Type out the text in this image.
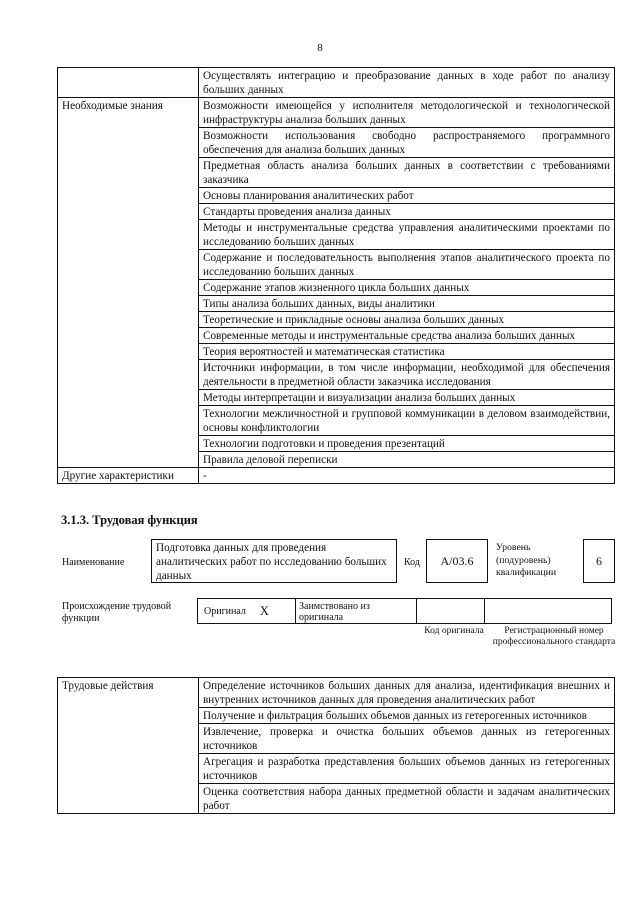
8
	Осуществлять интеграцию и преобразование данных в ходе работ по анализу больших данных
Необходимые знания	Возможности имеющейся у исполнителя методологической и технологической инфраструктуры анализа больших данных
	Возможности использования свободно распространяемого программного обеспечения для анализа больших данных
	Предметная область анализа больших данных в соответствии с требованиями заказчика
	Основы планирования аналитических работ
	Стандарты проведения анализа данных
	Методы и инструментальные средства управления аналитическими проектами по исследованию больших данных
	Содержание и последовательность выполнения этапов аналитического проекта по исследованию больших данных
	Содержание этапов жизненного цикла больших данных
	Типы анализа больших данных, виды аналитики
	Теоретические и прикладные основы анализа больших данных
	Современные методы и инструментальные средства анализа больших данных
	Теория вероятностей и математическая статистика
	Источники информации, в том числе информации, необходимой для обеспечения деятельности в предметной области заказчика исследования
	Методы интерпретации и визуализации анализа больших данных
	Технологии межличностной и групповой коммуникации в деловом взаимодействии, основы конфликтологии
	Технологии подготовки и проведения презентаций
	Правила деловой переписки
Другие характеристики	-
3.1.3. Трудовая функция
Наименование
Подготовка данных для проведения аналитических работ по исследованию больших данных
Код	A/03.6
Уровень (подуровень) квалификации
6
Происхождение трудовой функции
Оригинал X	Заимствовано из оригинала
Код оригинала	Регистрационный номер профессионального стандарта
Трудовые действия	Определение источников больших данных для анализа, идентификация внешних и внутренних источников данных для проведения аналитических работ
Получение и фильтрация больших объемов данных из гетерогенных источников
Извлечение, проверка и очистка больших объемов данных из гетерогенных источников
Агрегация и разработка представления больших объемов данных из гетерогенных источников
Оценка соответствия набора данных предметной области и задачам аналитических работ
